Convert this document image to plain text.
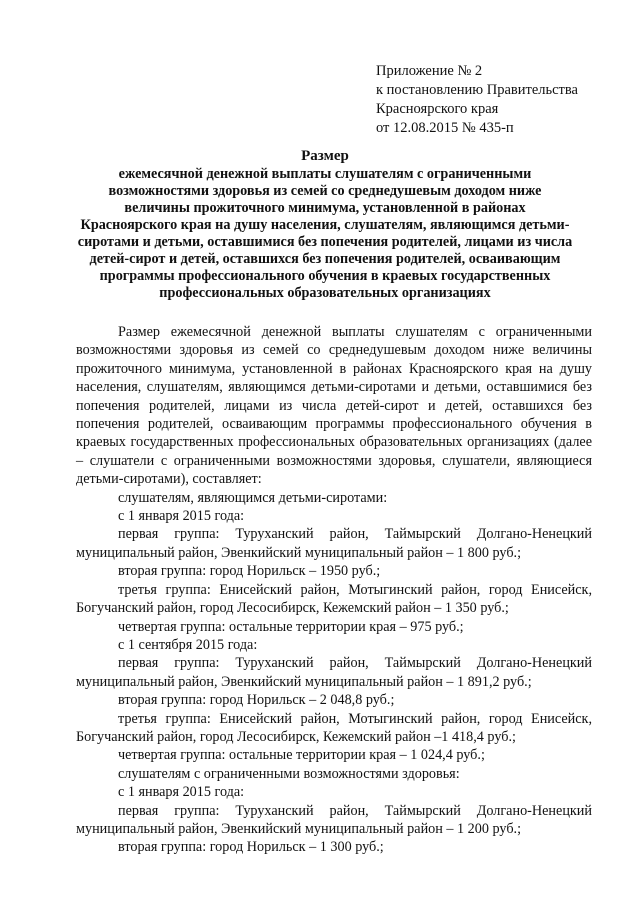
Приложение № 2
к постановлению Правительства
Красноярского края
от 12.08.2015 № 435-п
Размер
ежемесячной денежной выплаты слушателям с ограниченными
возможностями здоровья из семей со среднедушевым доходом ниже
величины прожиточного минимума, установленной в районах
Красноярского края на душу населения, слушателям, являющимся детьми-
сиротами и детьми, оставшимися без попечения родителей, лицами из числа
детей-сирот и детей, оставшихся без попечения родителей, осваивающим
программы профессионального обучения в краевых государственных
профессиональных образовательных организациях

Размер ежемесячной денежной выплаты слушателям с ограниченными возможностями здоровья из семей со среднедушевым доходом ниже величины прожиточного минимума, установленной в районах Красноярского края на душу населения, слушателям, являющимся детьми-сиротами и детьми, оставшимися без попечения родителей, лицами из числа детей-сирот и детей, оставшихся без попечения родителей, осваивающим программы профессионального обучения в краевых государственных профессиональных образовательных организациях (далее – слушатели с ограниченными возможностями здоровья, слушатели, являющиеся детьми-сиротами), составляет:

слушателям, являющимся детьми-сиротами:

с 1 января 2015 года:

первая группа: Туруханский район, Таймырский Долгано-Ненецкий муниципальный район, Эвенкийский муниципальный район – 1 800 руб.;

вторая группа: город Норильск – 1950 руб.;

третья группа: Енисейский район, Мотыгинский район, город Енисейск, Богучанский район, город Лесосибирск, Кежемский район – 1 350 руб.;

четвертая группа: остальные территории края – 975 руб.;

с 1 сентября 2015 года:

первая группа: Туруханский район, Таймырский Долгано-Ненецкий муниципальный район, Эвенкийский муниципальный район – 1 891,2 руб.;

вторая группа: город Норильск – 2 048,8 руб.;

третья группа: Енисейский район, Мотыгинский район, город Енисейск, Богучанский район, город Лесосибирск, Кежемский район –1 418,4 руб.;

четвертая группа: остальные территории края – 1 024,4 руб.;

слушателям с ограниченными возможностями здоровья:

с 1 января 2015 года:

первая группа: Туруханский район, Таймырский Долгано-Ненецкий муниципальный район, Эвенкийский муниципальный район – 1 200 руб.;

вторая группа: город Норильск – 1 300 руб.;
